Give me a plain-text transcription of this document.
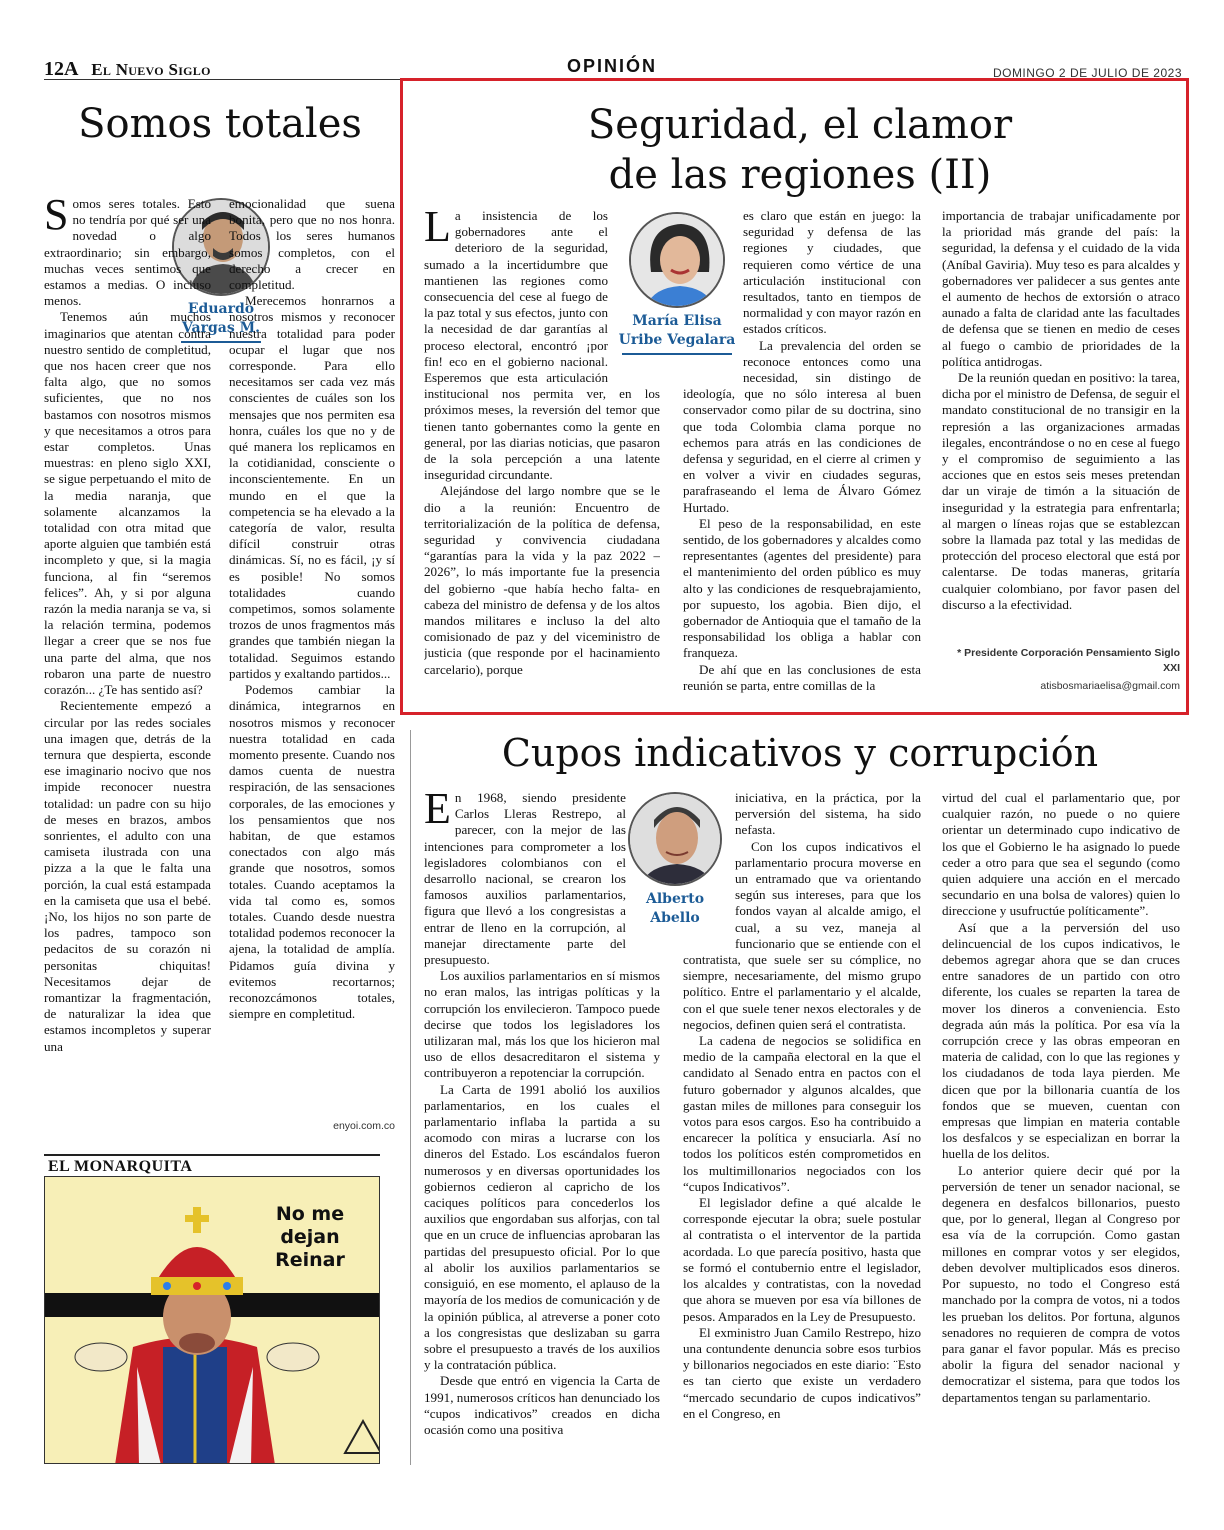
12A El Nuevo Siglo	OPINIÓN	DOMINGO 2 DE JULIO DE 2023
Somos totales
Eduardo Vargas M.

Somos seres totales. Esto no tendría por qué ser una novedad o algo extraordinario; sin embargo, muchas veces sentimos que estamos a medias. O incluso menos.

Tenemos aún muchos imaginarios que atentan contra nuestro sentido de completitud, que nos hacen creer que nos falta algo, que no somos suficientes, que no nos bastamos con nosotros mismos y que necesitamos a otros para estar completos. Unas muestras: en pleno siglo XXI, se sigue perpetuando el mito de la media naranja, que solamente alcanzamos la totalidad con otra mitad que aporte alguien que también está incompleto y que, si la magia funciona, al fin “seremos felices”. Ah, y si por alguna razón la media naranja se va, si la relación termina, podemos llegar a creer que se nos fue una parte del alma, que nos robaron una parte de nuestro corazón... ¿Te has sentido así?

Recientemente empezó a circular por las redes sociales una imagen que, detrás de la ternura que despierta, esconde ese imaginario nocivo que nos impide reconocer nuestra totalidad: un padre con su hijo de meses en brazos, ambos sonrientes, el adulto con una camiseta ilustrada con una pizza a la que le falta una porción, la cual está estampada en la camiseta que usa el bebé. ¡No, los hijos no son parte de los padres, tampoco son pedacitos de su corazón ni personitas chiquitas! Necesitamos dejar de romantizar la fragmentación, de naturalizar la idea que estamos incompletos y superar una

emocionalidad que suena bonita, pero que no nos honra. Todos los seres humanos somos completos, con el derecho a crecer en completitud.

Merecemos honrarnos a nosotros mismos y reconocer nuestra totalidad para poder ocupar el lugar que nos corresponde. Para ello necesitamos ser cada vez más conscientes de cuáles son los mensajes que nos permiten esa honra, cuáles los que no y de qué manera los replicamos en la cotidianidad, consciente o inconscientemente. En un mundo en el que la competencia se ha elevado a la categoría de valor, resulta difícil construir otras dinámicas. Sí, no es fácil, ¡y sí es posible! No somos totalidades cuando competimos, somos solamente trozos de unos fragmentos más grandes que también niegan la totalidad. Seguimos estando partidos y exaltando partidos...

Podemos cambiar la dinámica, integrarnos en nosotros mismos y reconocer nuestra totalidad en cada momento presente. Cuando nos damos cuenta de nuestra respiración, de las sensaciones corporales, de las emociones y los pensamientos que nos habitan, de que estamos conectados con algo más grande que nosotros, somos totales. Cuando aceptamos la vida tal como es, somos totales. Cuando desde nuestra totalidad podemos reconocer la ajena, la totalidad de amplía. Pidamos guía divina y evitemos recortarnos; reconozcámonos totales, siempre en completitud.

enyoi.com.co
EL MONARQUITA
No me
dejan
Reinar
Seguridad, el clamor
de las regiones (II)
María Elisa
Uribe Vegalara

La insistencia de los gobernadores ante el deterioro de la seguridad, sumado a la incertidumbre que mantienen las regiones como consecuencia del cese al fuego de la paz total y sus efectos, junto con la necesidad de dar garantías al proceso electoral, encontró ¡por fin! eco en el gobierno nacional. Esperemos que esta articulación institucional nos permita ver, en los próximos meses, la reversión del temor que tienen tanto gobernantes como la gente en general, por las diarias noticias, que pasaron de la sola percepción a una latente inseguridad circundante.

Alejándose del largo nombre que se le dio a la reunión: Encuentro de territorialización de la política de defensa, seguridad y convivencia ciudadana “garantías para la vida y la paz 2022 – 2026”, lo más importante fue la presencia del gobierno -que había hecho falta- en cabeza del ministro de defensa y de los altos mandos militares e incluso la del alto comisionado de paz y del viceministro de justicia (que responde por el hacinamiento carcelario), porque

es claro que están en juego: la seguridad y defensa de las regiones y ciudades, que requieren como vértice de una articulación institucional con resultados, tanto en tiempos de normalidad y con mayor razón en estados críticos.

La prevalencia del orden se reconoce entonces como una necesidad, sin distingo de ideología, que no sólo interesa al buen conservador como pilar de su doctrina, sino que toda Colombia clama porque no echemos para atrás en las condiciones de defensa y seguridad, en el cierre al crimen y en volver a vivir en ciudades seguras, parafraseando el lema de Álvaro Gómez Hurtado.

El peso de la responsabilidad, en este sentido, de los gobernadores y alcaldes como representantes (agentes del presidente) para el mantenimiento del orden público es muy alto y las condiciones de resquebrajamiento, por supuesto, los agobia. Bien dijo, el gobernador de Antioquia que el tamaño de la responsabilidad los obliga a hablar con franqueza.

De ahí que en las conclusiones de esta reunión se parta, entre comillas de la

importancia de trabajar unificadamente por la prioridad más grande del país: la seguridad, la defensa y el cuidado de la vida (Aníbal Gaviria). Muy teso es para alcaldes y gobernadores ver palidecer a sus gentes ante el aumento de hechos de extorsión o atraco aunado a falta de claridad ante las facultades de defensa que se tienen en medio de ceses al fuego o cambio de prioridades de la política antidrogas.

De la reunión quedan en positivo: la tarea, dicha por el ministro de Defensa, de seguir el mandato constitucional de no transigir en la represión a las organizaciones armadas ilegales, encontrándose o no en cese al fuego y el compromiso de seguimiento a las acciones que en estos seis meses pretendan dar un viraje de timón a la situación de inseguridad y la estrategia para enfrentarla; al margen o líneas rojas que se establezcan sobre la llamada paz total y las medidas de protección del proceso electoral que está por calentarse. De todas maneras, gritaría cualquier colombiano, por favor pasen del discurso a la efectividad.

* Presidente Corporación Pensamiento Siglo XXI
atisbosmariaelisa@gmail.com
Cupos indicativos y corrupción
Alberto
Abello

En 1968, siendo presidente Carlos Lleras Restrepo, al parecer, con la mejor de las intenciones para comprometer a los legisladores colombianos con el desarrollo nacional, se crearon los famosos auxilios parlamentarios, figura que llevó a los congresistas a entrar de lleno en la corrupción, al manejar directamente parte del presupuesto.

Los auxilios parlamentarios en sí mismos no eran malos, las intrigas políticas y la corrupción los envilecieron. Tampoco puede decirse que todos los legisladores los utilizaran mal, más los que los hicieron mal uso de ellos desacreditaron el sistema y contribuyeron a repotenciar la corrupción.

La Carta de 1991 abolió los auxilios parlamentarios, en los cuales el parlamentario inflaba la partida a su acomodo con miras a lucrarse con los dineros del Estado. Los escándalos fueron numerosos y en diversas oportunidades los gobiernos cedieron al capricho de los caciques políticos para concederlos los auxilios que engordaban sus alforjas, con tal que en un cruce de influencias aprobaran las partidas del presupuesto oficial. Por lo que al abolir los auxilios parlamentarios se consiguió, en ese momento, el aplauso de la mayoría de los medios de comunicación y de la opinión pública, al atreverse a poner coto a los congresistas que deslizaban su garra sobre el presupuesto a través de los auxilios y la contratación pública.

Desde que entró en vigencia la Carta de 1991, numerosos críticos han denunciado los “cupos indicativos” creados en dicha ocasión como una positiva

iniciativa, en la práctica, por la perversión del sistema, ha sido nefasta.

Con los cupos indicativos el parlamentario procura moverse en un entramado que va orientando según sus intereses, para que los fondos vayan al alcalde amigo, el cual, a su vez, maneja al funcionario que se entiende con el contratista, que suele ser su cómplice, no siempre, necesariamente, del mismo grupo político. Entre el parlamentario y el alcalde, con el que suele tener nexos electorales y de negocios, definen quien será el contratista.

La cadena de negocios se solidifica en medio de la campaña electoral en la que el candidato al Senado entra en pactos con el futuro gobernador y algunos alcaldes, que gastan miles de millones para conseguir los votos para esos cargos. Eso ha contribuido a encarecer la política y ensuciarla. Así no todos los políticos estén comprometidos en los multimillonarios negociados con los “cupos Indicativos”.

El legislador define a qué alcalde le corresponde ejecutar la obra; suele postular al contratista o el interventor de la partida acordada. Lo que parecía positivo, hasta que se formó el contubernio entre el legislador, los alcaldes y contratistas, con la novedad que ahora se mueven por esa vía billones de pesos. Amparados en la Ley de Presupuesto.

El exministro Juan Camilo Restrepo, hizo una contundente denuncia sobre esos turbios y billonarios negociados en este diario: ¨Esto es tan cierto que existe un verdadero “mercado secundario de cupos indicativos” en el Congreso, en

virtud del cual el parlamentario que, por cualquier razón, no puede o no quiere orientar un determinado cupo indicativo de los que el Gobierno le ha asignado lo puede ceder a otro para que sea el segundo (como quien adquiere una acción en el mercado secundario en una bolsa de valores) quien lo direccione y usufructúe políticamente”.

Así que a la perversión del uso delincuencial de los cupos indicativos, le debemos agregar ahora que se dan cruces entre sanadores de un partido con otro diferente, los cuales se reparten la tarea de mover los dineros a conveniencia. Esto degrada aún más la política. Por esa vía la corrupción crece y las obras empeoran en materia de calidad, con lo que las regiones y los ciudadanos de toda laya pierden. Me dicen que por la billonaria cuantía de los fondos que se mueven, cuentan con empresas que limpian en materia contable los desfalcos y se especializan en borrar la huella de los delitos.

Lo anterior quiere decir qué por la perversión de tener un senador nacional, se degenera en desfalcos billonarios, puesto que, por lo general, llegan al Congreso por esa vía de la corrupción. Como gastan millones en comprar votos y ser elegidos, deben devolver multiplicados esos dineros. Por supuesto, no todo el Congreso está manchado por la compra de votos, ni a todos les prueban los delitos. Por fortuna, algunos senadores no requieren de compra de votos para ganar el favor popular. Más es preciso abolir la figura del senador nacional y democratizar el sistema, para que todos los departamentos tengan su parlamentario.
